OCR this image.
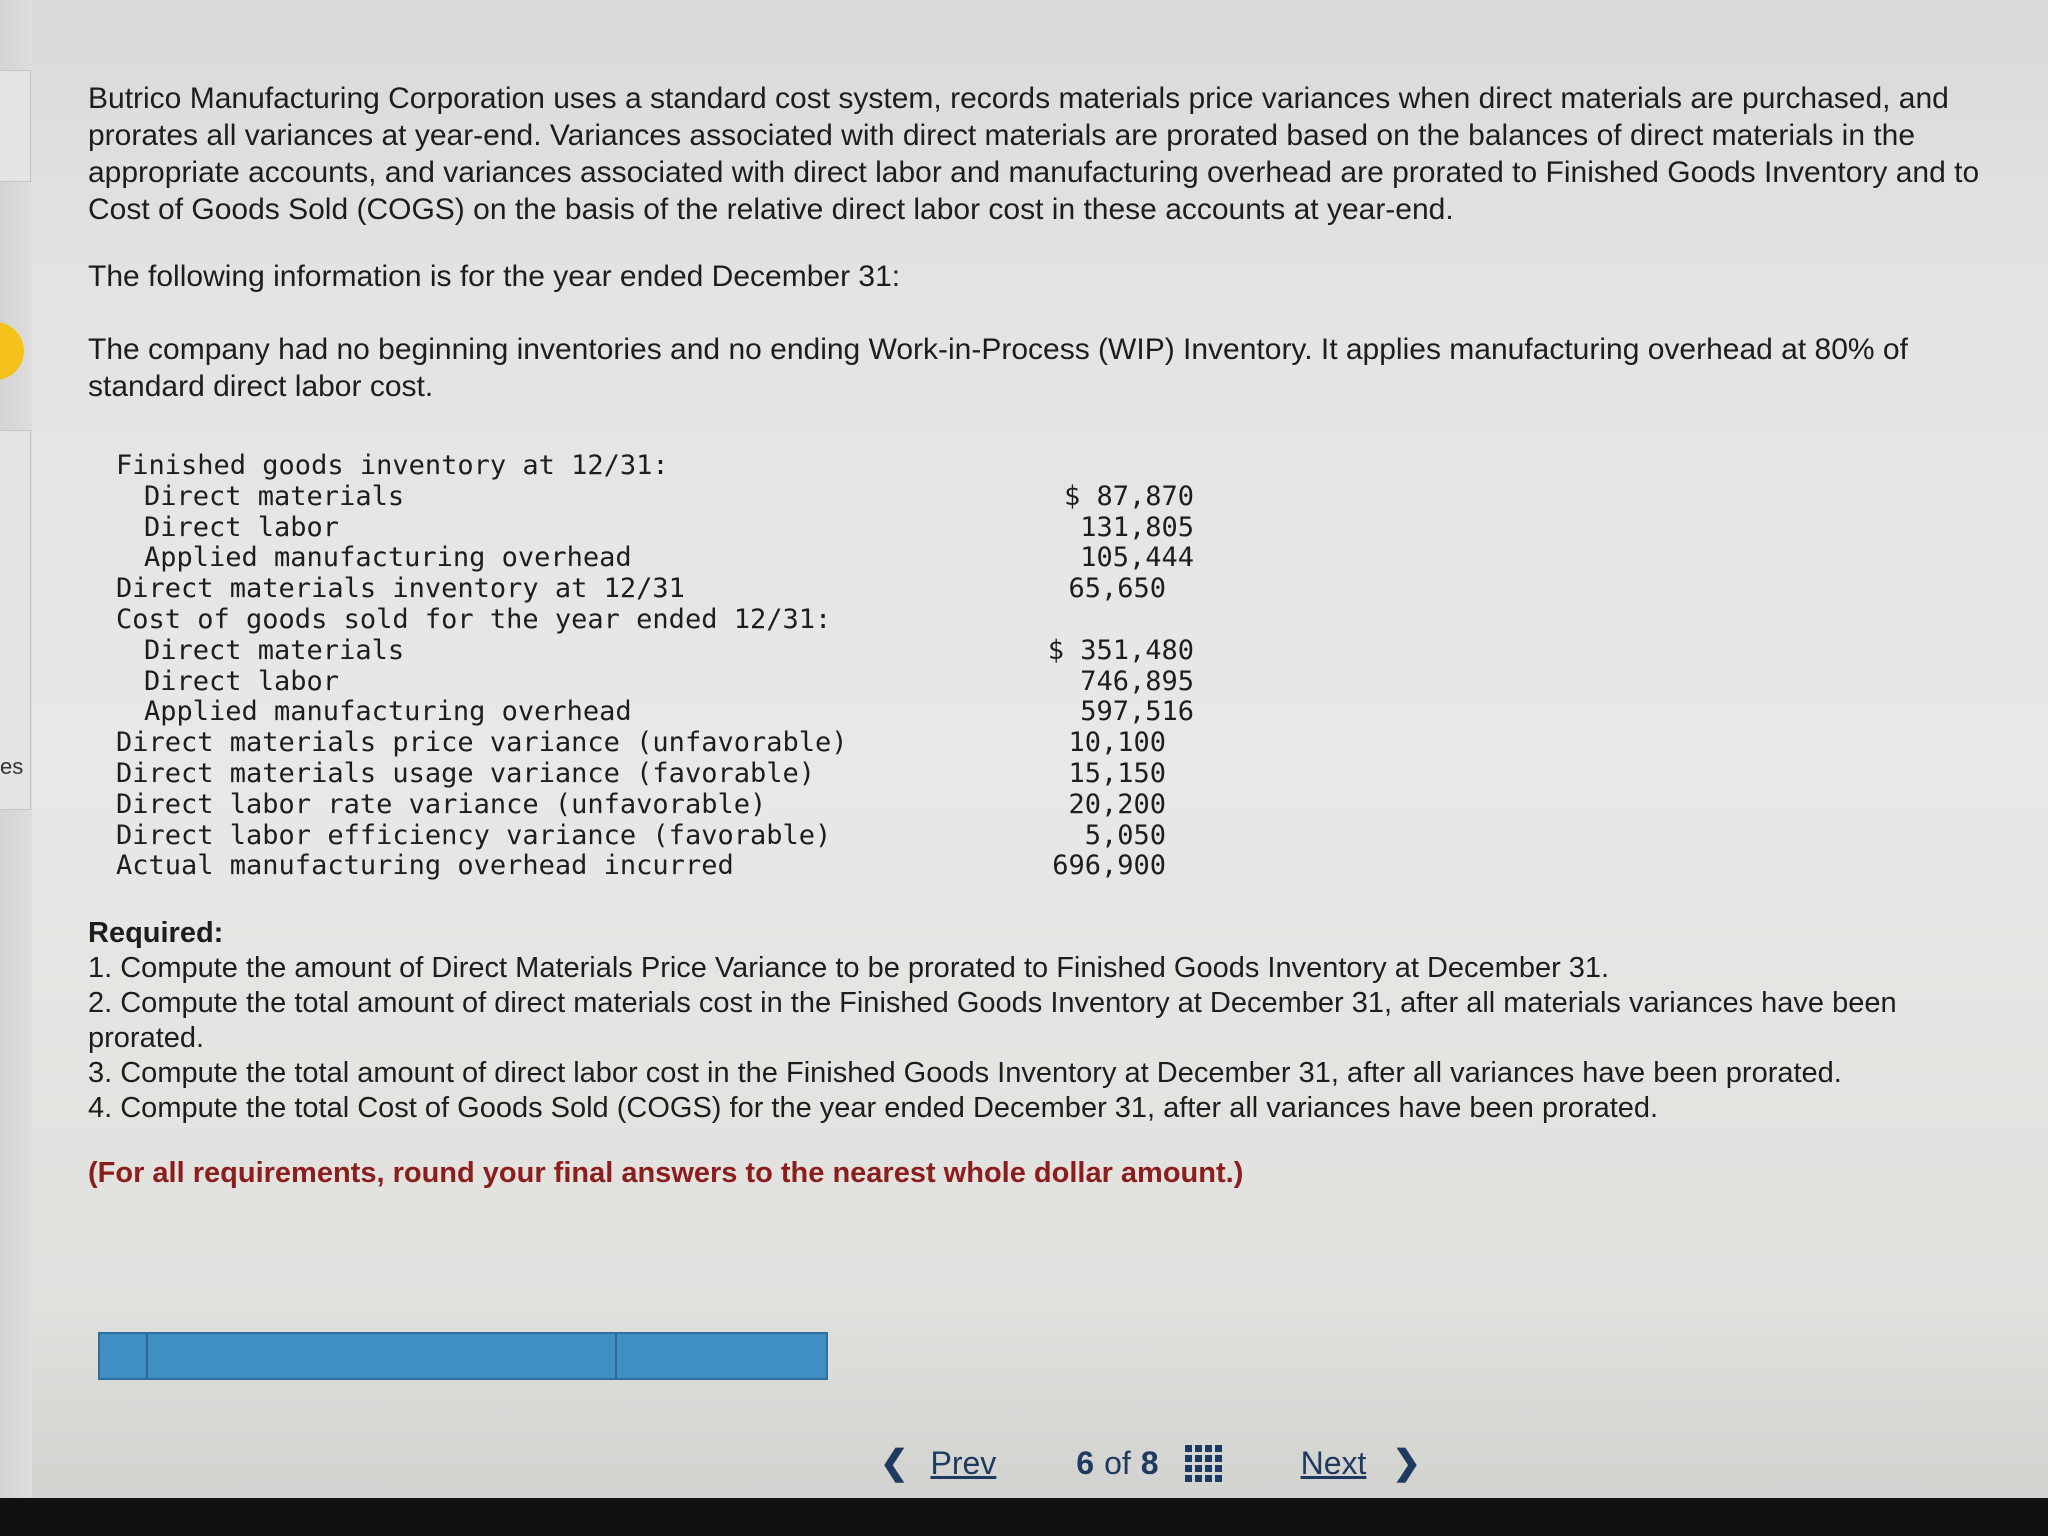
es

Butrico Manufacturing Corporation uses a standard cost system, records materials price variances when direct materials are purchased, and prorates all variances at year-end. Variances associated with direct materials are prorated based on the balances of direct materials in the appropriate accounts, and variances associated with direct labor and manufacturing overhead are prorated to Finished Goods Inventory and to Cost of Goods Sold (COGS) on the basis of the relative direct labor cost in these accounts at year-end.

The following information is for the year ended December 31:

The company had no beginning inventories and no ending Work-in-Process (WIP) Inventory. It applies manufacturing overhead at 80% of standard direct labor cost.

Finished goods inventory at 12/31:
Direct materials	$ 87,870
Direct labor	131,805
Applied manufacturing overhead	105,444
Direct materials inventory at 12/31	65,650
Cost of goods sold for the year ended 12/31:
Direct materials	$ 351,480
Direct labor	746,895
Applied manufacturing overhead	597,516
Direct materials price variance (unfavorable)	10,100
Direct materials usage variance (favorable)	15,150
Direct labor rate variance (unfavorable)	20,200
Direct labor efficiency variance (favorable)	5,050
Actual manufacturing overhead incurred	696,900
Required:

1. Compute the amount of Direct Materials Price Variance to be prorated to Finished Goods Inventory at December 31.

2. Compute the total amount of direct materials cost in the Finished Goods Inventory at December 31, after all materials variances have been prorated.

3. Compute the total amount of direct labor cost in the Finished Goods Inventory at December 31, after all variances have been prorated.

4. Compute the total Cost of Goods Sold (COGS) for the year ended December 31, after all variances have been prorated.

(For all requirements, round your final answers to the nearest whole dollar amount.)
❮ Prev	6 of 8	Next ❯
